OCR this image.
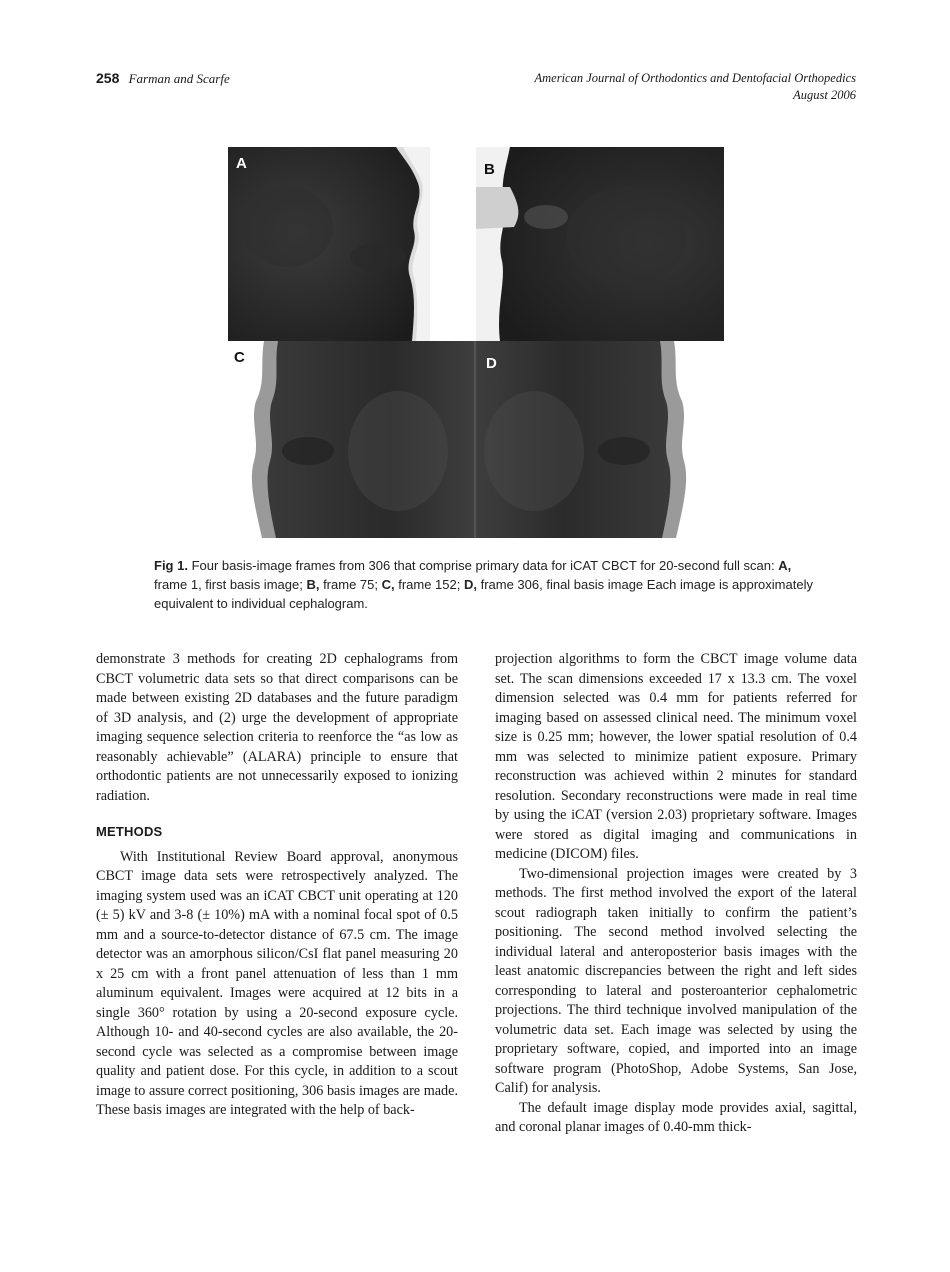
258 Farman and Scarfe	American Journal of Orthodontics and Dentofacial Orthopedics
August 2006
A	B
C	D
Fig 1. Four basis-image frames from 306 that comprise primary data for iCAT CBCT for 20-second full scan: A, frame 1, first basis image; B, frame 75; C, frame 152; D, frame 306, final basis image Each image is approximately equivalent to individual cephalogram.

demonstrate 3 methods for creating 2D cephalograms from CBCT volumetric data sets so that direct comparisons can be made between existing 2D databases and the future paradigm of 3D analysis, and (2) urge the development of appropriate imaging sequence selection criteria to reenforce the “as low as reasonably achievable” (ALARA) principle to ensure that orthodontic patients are not unnecessarily exposed to ionizing radiation.

METHODS

With Institutional Review Board approval, anonymous CBCT image data sets were retrospectively analyzed. The imaging system used was an iCAT CBCT unit operating at 120 (± 5) kV and 3-8 (± 10%) mA with a nominal focal spot of 0.5 mm and a source-to-detector distance of 67.5 cm. The image detector was an amorphous silicon/CsI flat panel measuring 20 x 25 cm with a front panel attenuation of less than 1 mm aluminum equivalent. Images were acquired at 12 bits in a single 360° rotation by using a 20-second exposure cycle. Although 10- and 40-second cycles are also available, the 20-second cycle was selected as a compromise between image quality and patient dose. For this cycle, in addition to a scout image to assure correct positioning, 306 basis images are made. These basis images are integrated with the help of back-

projection algorithms to form the CBCT image volume data set. The scan dimensions exceeded 17 x 13.3 cm. The voxel dimension selected was 0.4 mm for patients referred for imaging based on assessed clinical need. The minimum voxel size is 0.25 mm; however, the lower spatial resolution of 0.4 mm was selected to minimize patient exposure. Primary reconstruction was achieved within 2 minutes for standard resolution. Secondary reconstructions were made in real time by using the iCAT (version 2.03) proprietary software. Images were stored as digital imaging and communications in medicine (DICOM) files.

Two-dimensional projection images were created by 3 methods. The first method involved the export of the lateral scout radiograph taken initially to confirm the patient’s positioning. The second method involved selecting the individual lateral and anteroposterior basis images with the least anatomic discrepancies between the right and left sides corresponding to lateral and posteroanterior cephalometric projections. The third technique involved manipulation of the volumetric data set. Each image was selected by using the proprietary software, copied, and imported into an image software program (PhotoShop, Adobe Systems, San Jose, Calif) for analysis.

The default image display mode provides axial, sagittal, and coronal planar images of 0.40-mm thick-
